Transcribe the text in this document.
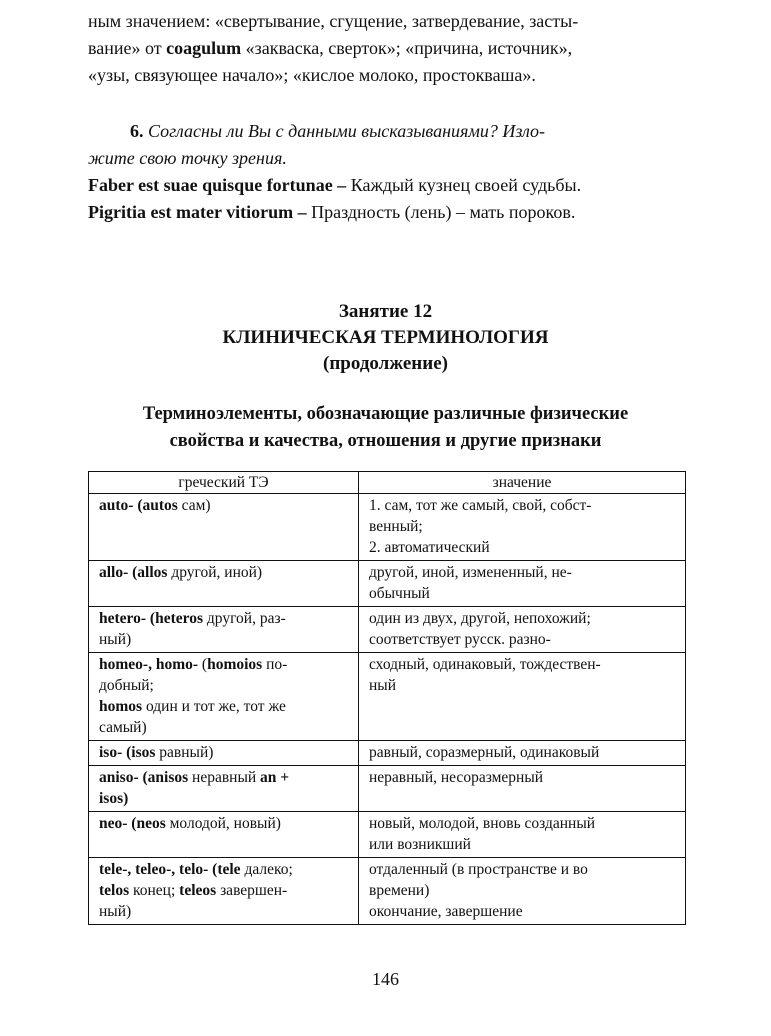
ным значением: «свертывание, сгущение, затвердевание, засты-
вание» от coagulum «закваска, сверток»; «причина, источник»,
«узы, связующее начало»; «кислое молоко, простокваша».
6. Согласны ли Вы с данными высказываниями? Изло-
жите свою точку зрения.
Faber est suae quisque fortunae – Каждый кузнец своей судьбы.
Pigritia est mater vitiorum – Праздность (лень) – мать пороков.

Занятие 12

КЛИНИЧЕСКАЯ ТЕРМИНОЛОГИЯ

(продолжение)

Терминоэлементы, обозначающие различные физические

свойства и качества, отношения и другие признаки

греческий ТЭ	значение
auto- (autos сам)	1. сам, тот же самый, свой, собст-
венный;
2. автоматический

allo- (allos другой, иной)	другой, иной, измененный, не-
обычный

hetero- (heteros другой, раз-
ный)	один из двух, другой, непохожий;
соответствует русск. разно-

homeo-, homo- (homoios по-
добный;
homos один и тот же, тот же
самый)	сходный, одинаковый, тождествен-
ный

iso- (isos равный)	равный, соразмерный, одинаковый

aniso- (anisos неравный an +
isos)	неравный, несоразмерный

neo- (neos молодой, новый)	новый, молодой, вновь созданный
или возникший

tele-, teleo-, telo- (tele далеко;
telos конец; teleos завершен-
ный)	отдаленный (в пространстве и во
времени)
окончание, завершение

146
